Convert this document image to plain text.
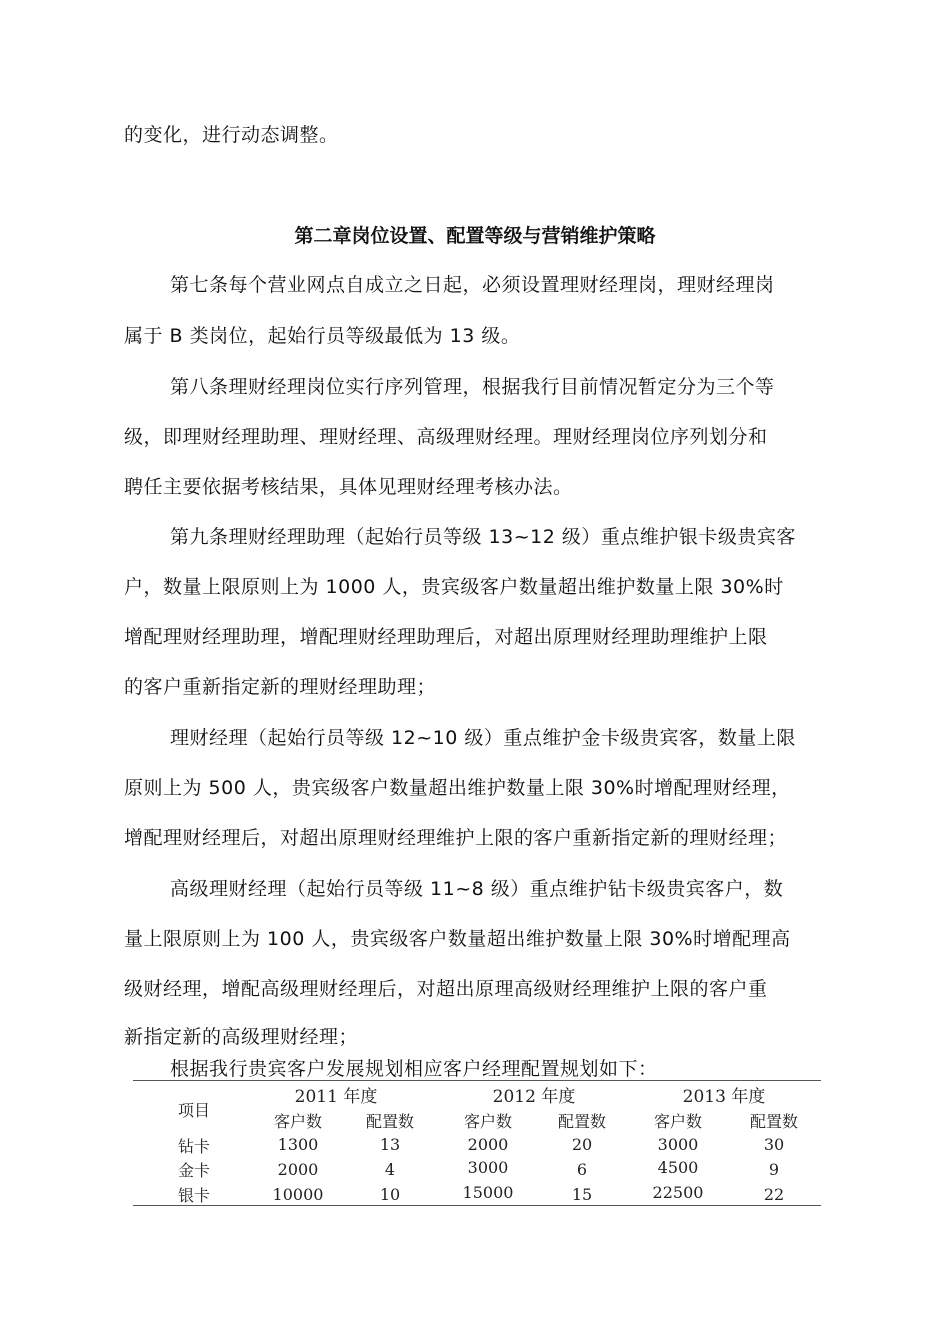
的变化，进行动态调整。
第二章岗位设置、配置等级与营销维护策略
第七条每个营业网点自成立之日起，必须设置理财经理岗，理财经理岗
属于 B 类岗位，起始行员等级最低为 13 级。
第八条理财经理岗位实行序列管理，根据我行目前情况暂定分为三个等
级，即理财经理助理、理财经理、高级理财经理。理财经理岗位序列划分和
聘任主要依据考核结果，具体见理财经理考核办法。
第九条理财经理助理（起始行员等级 13~12 级）重点维护银卡级贵宾客
户，数量上限原则上为 1000 人，贵宾级客户数量超出维护数量上限 30%时
增配理财经理助理，增配理财经理助理后，对超出原理财经理助理维护上限
的客户重新指定新的理财经理助理；
理财经理（起始行员等级 12~10 级）重点维护金卡级贵宾客，数量上限
原则上为 500 人，贵宾级客户数量超出维护数量上限 30%时增配理财经理，
增配理财经理后，对超出原理财经理维护上限的客户重新指定新的理财经理；
高级理财经理（起始行员等级 11~8 级）重点维护钻卡级贵宾客户，数
量上限原则上为 100 人，贵宾级客户数量超出维护数量上限 30%时增配理高
级财经理，增配高级理财经理后，对超出原理高级财经理维护上限的客户重
新指定新的高级理财经理；
根据我行贵宾客户发展规划相应客户经理配置规划如下：
项目
2011 年度	2012 年度	2013 年度
客户数	配置数	客户数	配置数	客户数	配置数
钻卡	1300	13	2000	20	3000	30
金卡	2000	4	3000	6	4500	9
银卡	10000	10	15000	15	22500	22
